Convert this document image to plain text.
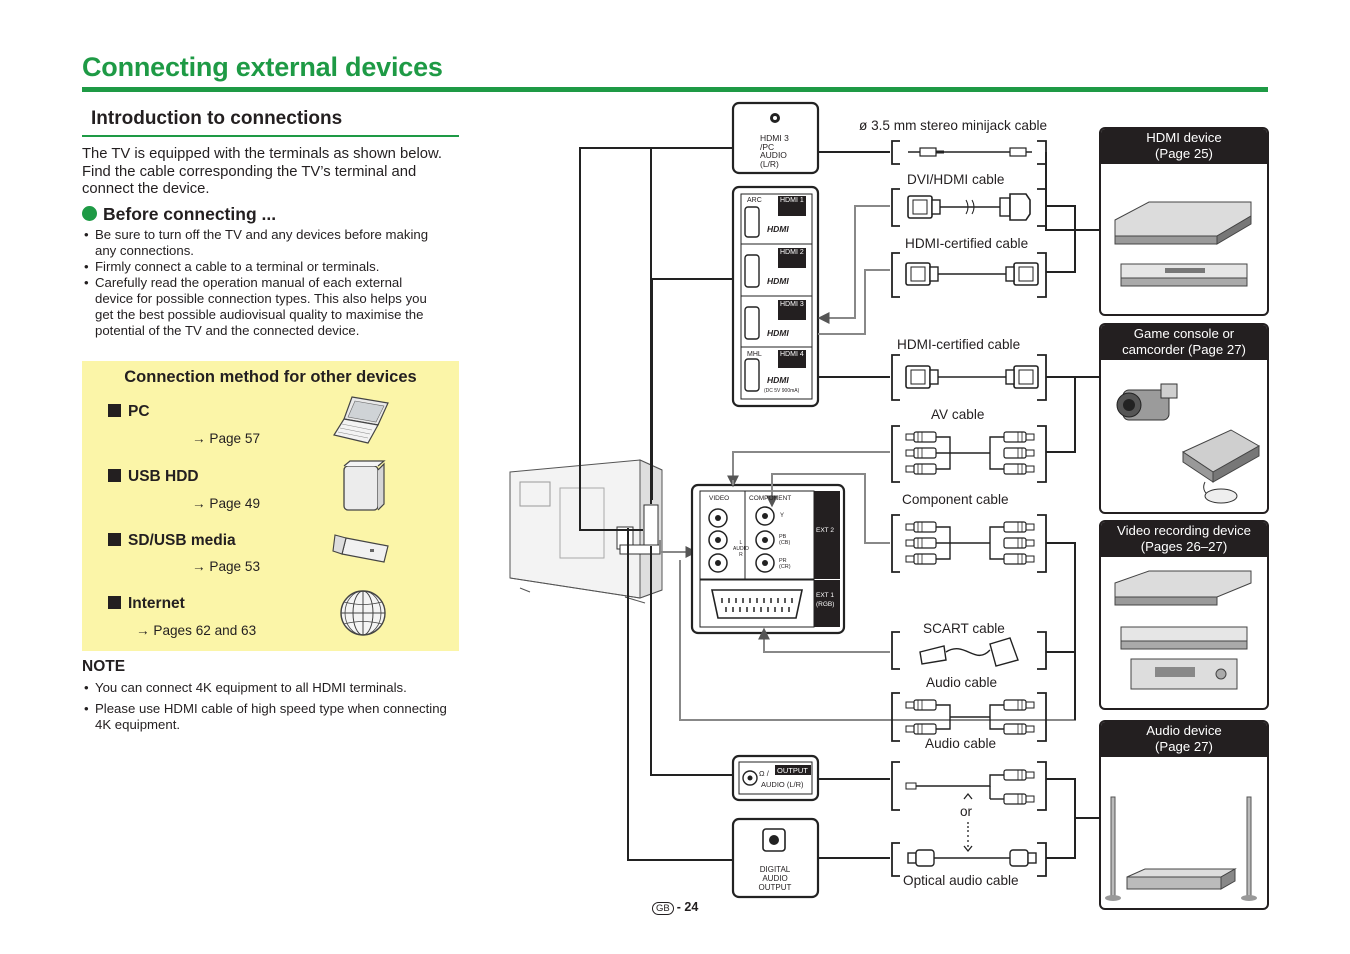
Connecting external devices
Introduction to connections
The TV is equipped with the terminals as shown below. Find the cable corresponding the TV’s terminal and connect the device.
Before connecting ...
• Be sure to turn off the TV and any devices before making any connections.
• Firmly connect a cable to a terminal or terminals.
• Carefully read the operation manual of each external device for possible connection types. This also helps you get the best possible audiovisual quality to maximise the potential of the TV and the connected device.
Connection method for other devices
PC
→ Page 57
USB HDD
→ Page 49
SD/USB media
→ Page 53
Internet
→ Pages 62 and 63
NOTE
• You can connect 4K equipment to all HDMI terminals.
• Please use HDMI cable of high speed type when connecting 4K equipment.
HDMI 3
/PC
AUDIO
(L/R)
ARC	HDMI 1
HDMI 2
HDMI 3
MHL	HDMI 4
HDMI
HDMI
HDMI
HDMI
(DC 5V 900mA)
VIDEO	COMPONENT
Y
PB
(CB)
PR
(CR)
L
AUDIO
R
EXT 2
EXT 1
(RGB)
Ω / OUTPUT
AUDIO (L/R)
DIGITAL
AUDIO
OUTPUT
ø 3.5 mm stereo minijack cable
DVI/HDMI cable
HDMI-certified cable
HDMI-certified cable
AV cable
Component cable
SCART cable
Audio cable
Audio cable
or
Optical audio cable
HDMI device
(Page 25)
Game console or
camcorder (Page 27)
Video recording device
(Pages 26–27)
Audio device
(Page 27)
GB - 24
